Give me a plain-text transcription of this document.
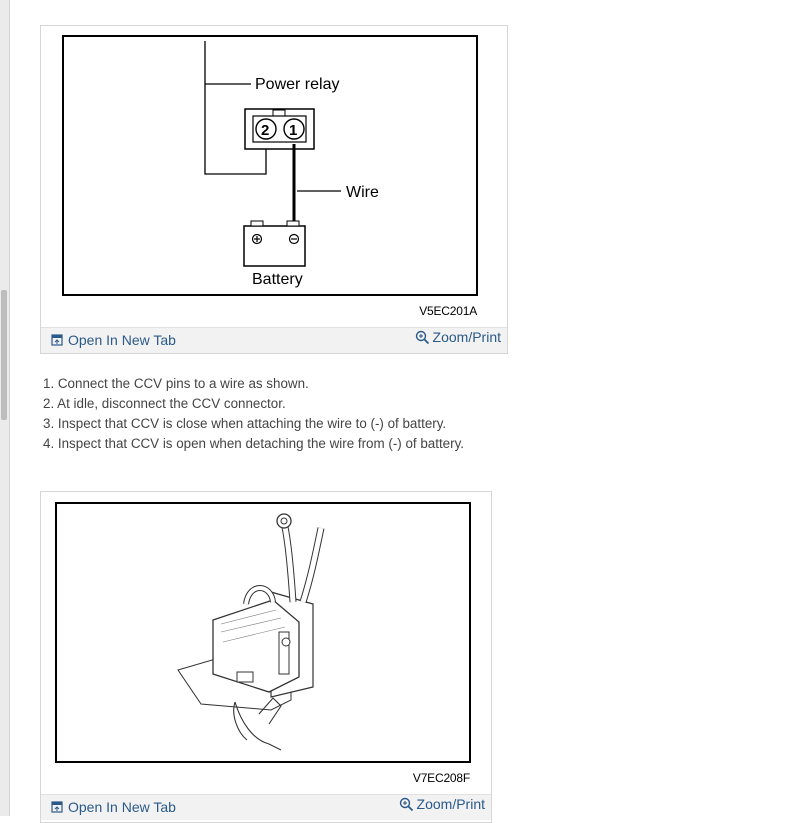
Power relay
2 1
Wire
Battery
V5EC201A
Open In New Tab	Zoom/Print
1. Connect the CCV pins to a wire as shown.
2. At idle, disconnect the CCV connector.
3. Inspect that CCV is close when attaching the wire to (-) of battery.
4. Inspect that CCV is open when detaching the wire from (-) of battery.
V7EC208F
Open In New Tab	Zoom/Print
